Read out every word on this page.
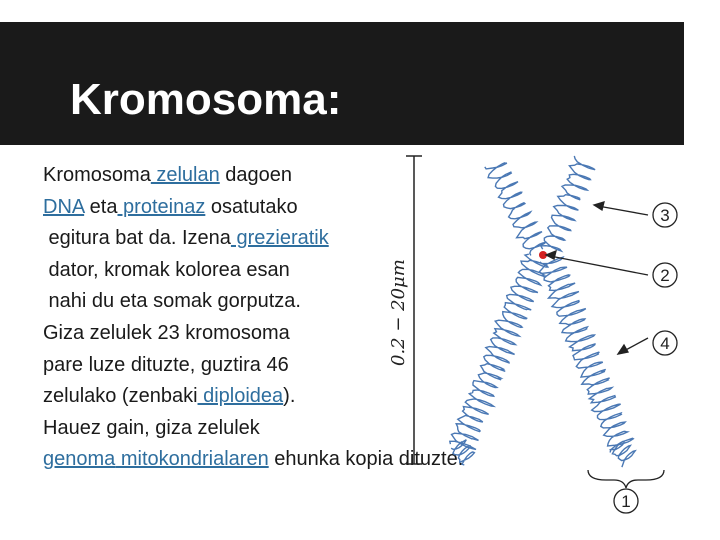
Kromosoma:
Kromosoma zelulan dagoen
DNA eta proteinaz osatutako
egitura bat da. Izena grezieratik
dator, kromak kolorea esan
nahi du eta somak gorputza.
Giza zelulek 23 kromosoma
pare luze dituzte, guztira 46
zelulako (zenbaki diploidea).
Hauez gain, giza zelulek
genoma mitokondrialaren ehunka kopia dituzte.
0.2 − 20μm
3
2
4
1
